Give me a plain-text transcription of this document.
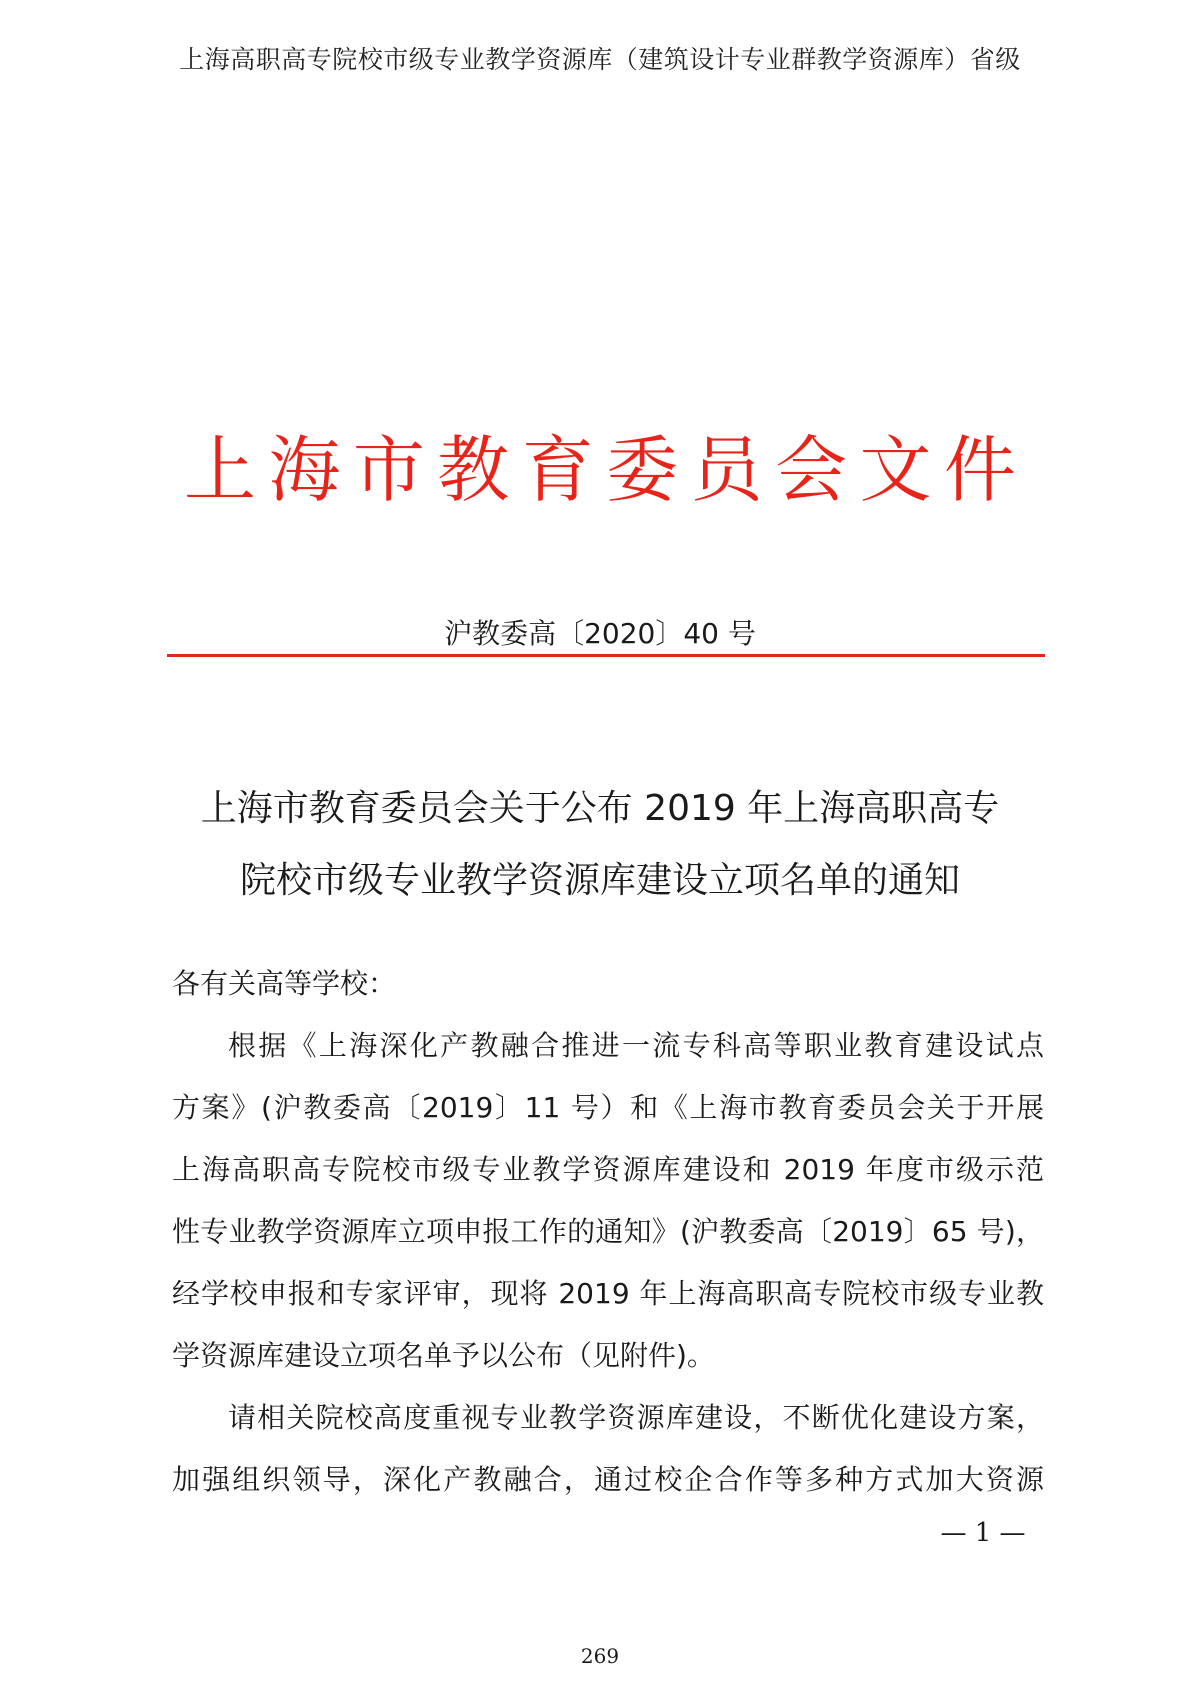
上海高职高专院校市级专业教学资源库（建筑设计专业群教学资源库）省级
上 海 市 教 育 委 员 会 文 件
沪教委高〔2020〕40 号
上海市教育委员会关于公布 2019 年上海高职高专
院校市级专业教学资源库建设立项名单的通知
各有关高等学校：
根据《上海深化产教融合推进一流专科高等职业教育建设试点
方案》(沪教委高〔2019〕11 号）和《上海市教育委员会关于开展
上海高职高专院校市级专业教学资源库建设和 2019 年度市级示范
性专业教学资源库立项申报工作的通知》(沪教委高〔2019〕65 号)，
经学校申报和专家评审，现将 2019 年上海高职高专院校市级专业教
学资源库建设立项名单予以公布（见附件)。
请相关院校高度重视专业教学资源库建设，不断优化建设方案，
加强组织领导，深化产教融合，通过校企合作等多种方式加大资源
— 1 —
269
